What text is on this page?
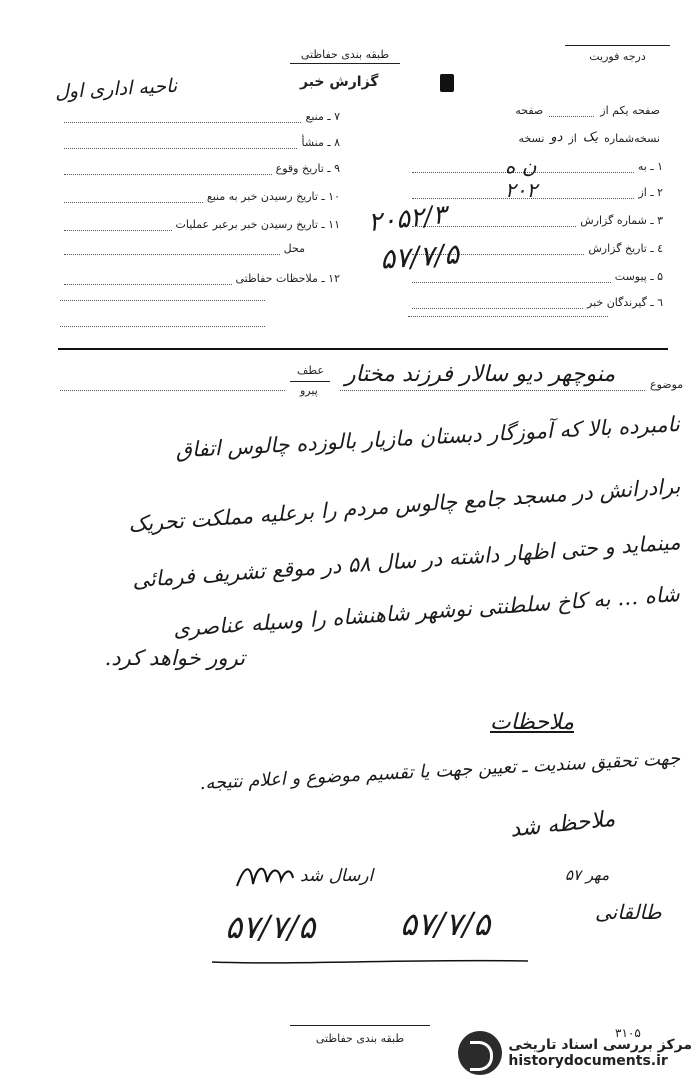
طبقه بندی حفاظتی
گزارش خبر
درجه فوریت
ناحیه اداری اول
صفحه یکم از
صفحه
نسخه‌شماره
یک
از
دو
نسخه
۱ ـ به
ن ه
۲ ـ از
۲۰۲
۳ ـ شماره گزارش
۲۰۵۲/۳
٤ ـ تاریخ گزارش
۵۷/۷/۵
۵ ـ پیوست
٦ ـ گیرندگان خبر
۷ ـ منبع
۸ ـ منشأ
۹ ـ تاریخ وقوع
۱۰ ـ تاریخ رسیدن خبر به منبع
۱۱ ـ تاریخ رسیدن خبر برعبر عملیات
محل
۱۲ ـ ملاحظات حفاظتی
موضوع
منوچهر دیو سالار فرزند مختار
عطف
پیرو
نامبرده بالا که آموزگار دبستان مازیار بالوزده چالوس اتفاق
برادرانش در مسجد جامع چالوس مردم را برعلیه مملکت تحریک
مینماید و حتی اظهار داشته در سال ۵۸ در موقع تشریف فرمائی
شاه … به کاخ سلطنتی نوشهر شاهنشاه را وسیله عناصری
ترور خواهد کرد.
ملاحظات
جهت تحقیق سندیت ـ تعیین جهت یا تقسیم موضوع و اعلام نتیجه.
ملاحظه شد
مهر ۵۷
ارسال شد
طالقانی
۵۷/۷/۵	۵۷/۷/۵
طبقه بندی حفاظتی	۳۱۰۵
مرکز بررسی اسناد تاریخی
historydocuments.ir
